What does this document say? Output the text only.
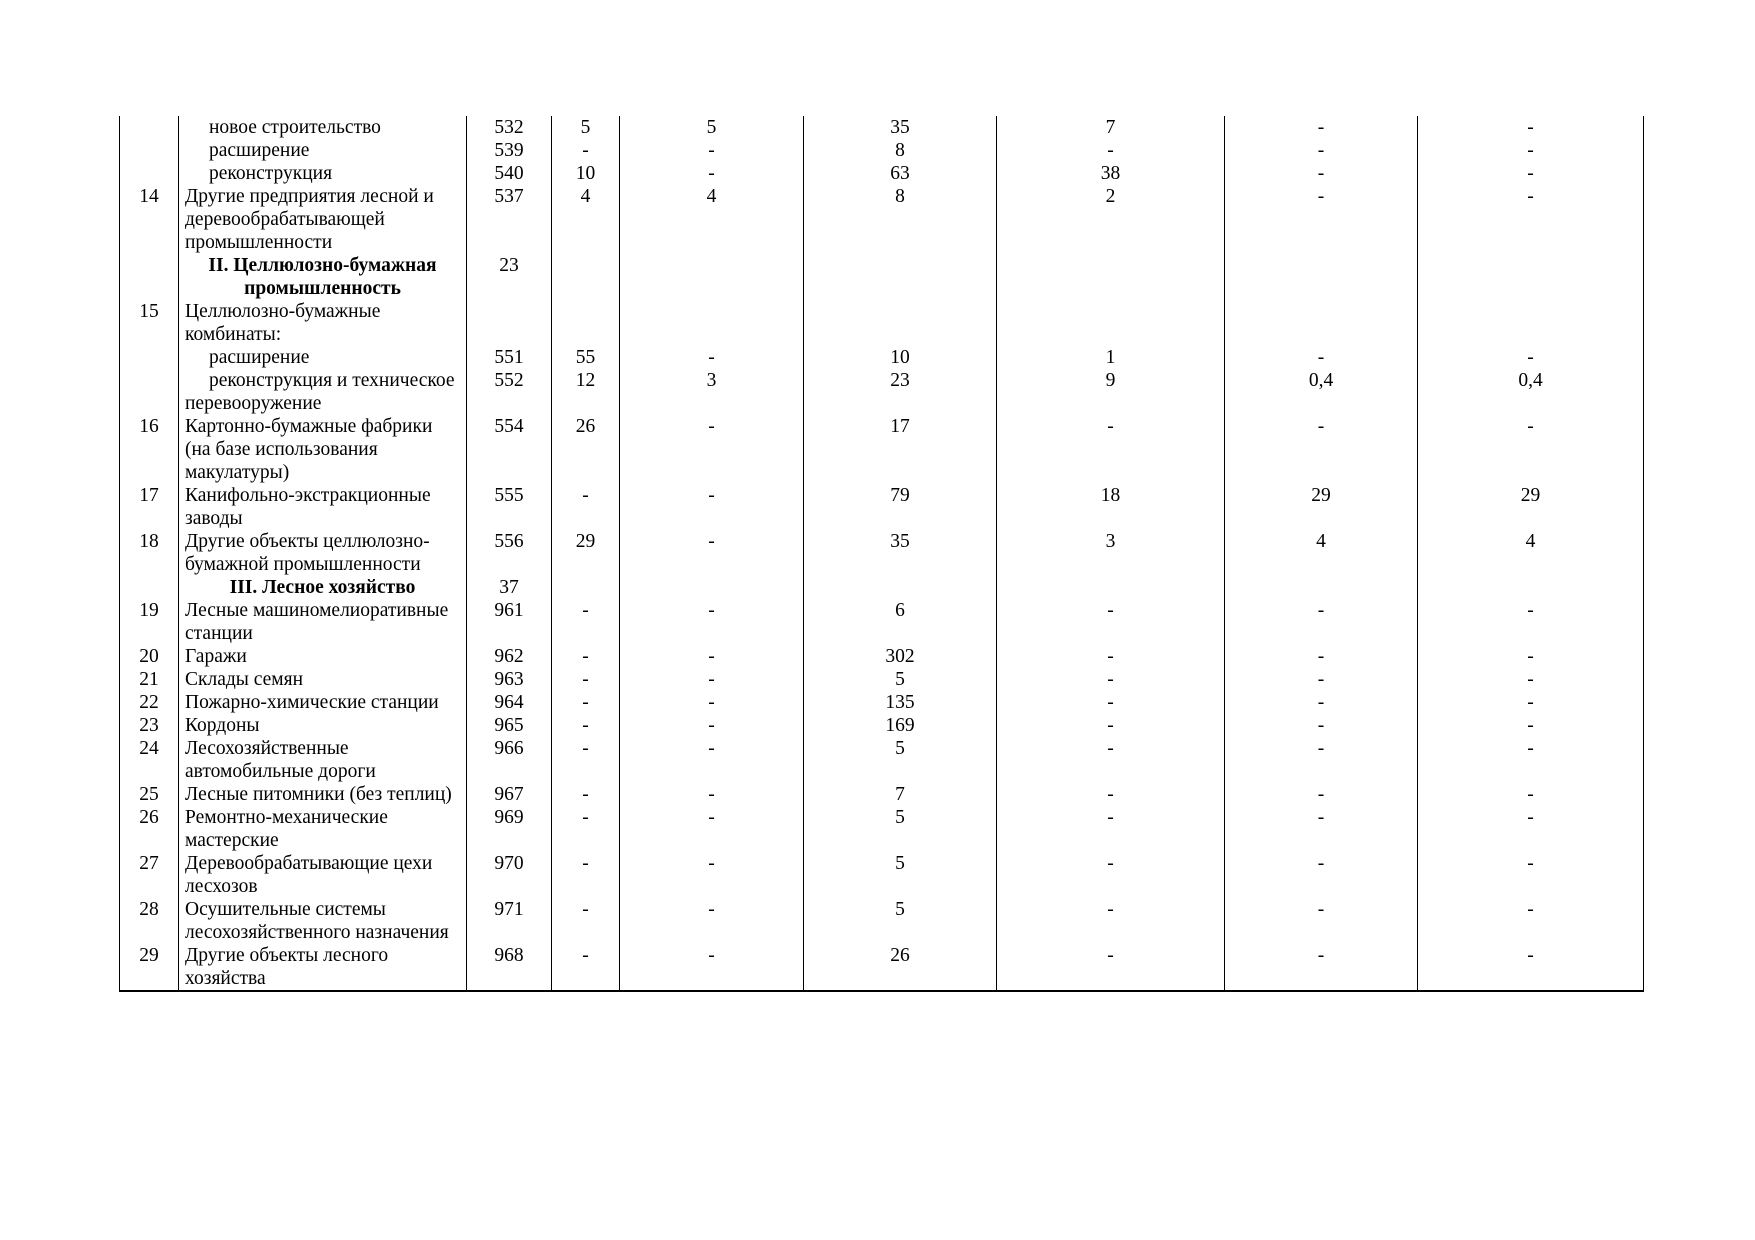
	новое строительство	532	5	5	35	7	-	-
	расширение	539	-	-	8	-	-	-
	реконструкция	540	10	-	63	38	-	-
14	Другие предприятия лесной и деревообрабатывающей промышленности	537	4	4	8	2	-	-
	II. Целлюлозно-бумажная промышленность	23						
15	Целлюлозно-бумажные комбинаты:							
	расширение	551	55	-	10	1	-	-
	реконструкция и техническое перевооружение	552	12	3	23	9	0,4	0,4
16	Картонно-бумажные фабрики (на базе использования макулатуры)	554	26	-	17	-	-	-
17	Канифольно-экстракционные заводы	555	-	-	79	18	29	29
18	Другие объекты целлюлозно-бумажной промышленности	556	29	-	35	3	4	4
	III. Лесное хозяйство	37						
19	Лесные машиномелиоративные станции	961	-	-	6	-	-	-
20	Гаражи	962	-	-	302	-	-	-
21	Склады семян	963	-	-	5	-	-	-
22	Пожарно-химические станции	964	-	-	135	-	-	-
23	Кордоны	965	-	-	169	-	-	-
24	Лесохозяйственные автомобильные дороги	966	-	-	5	-	-	-
25	Лесные питомники (без теплиц)	967	-	-	7	-	-	-
26	Ремонтно-механические мастерские	969	-	-	5	-	-	-
27	Деревообрабатывающие цехи лесхозов	970	-	-	5	-	-	-
28	Осушительные системы лесохозяйственного назначения	971	-	-	5	-	-	-
29	Другие объекты лесного хозяйства	968	-	-	26	-	-	-
